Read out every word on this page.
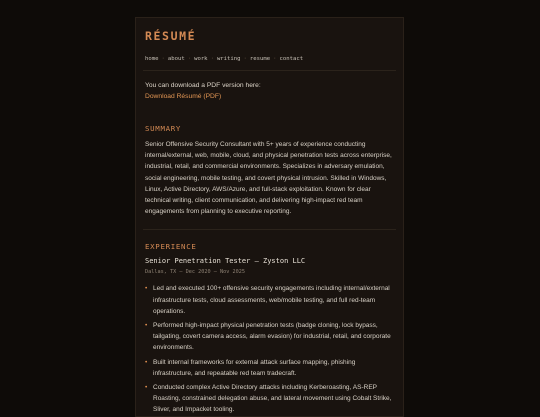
RÉSUMÉ
home · about · work · writing · resume · contact
You can download a PDF version here:
Download Résumé (PDF)
SUMMARY
Senior Offensive Security Consultant with 5+ years of experience conducting internal/external, web, mobile, cloud, and physical penetration tests across enterprise, industrial, retail, and commercial environments. Specializes in adversary emulation, social engineering, mobile testing, and covert physical intrusion. Skilled in Windows, Linux, Active Directory, AWS/Azure, and full-stack exploitation. Known for clear technical writing, client communication, and delivering high-impact red team engagements from planning to executive reporting.
EXPERIENCE
Senior Penetration Tester — Zyston LLC
Dallas, TX — Dec 2020 – Nov 2025
• Led and executed 100+ offensive security engagements including internal/external infrastructure tests, cloud assessments, web/mobile testing, and full red-team operations.
• Performed high-impact physical penetration tests (badge cloning, lock bypass, tailgating, covert camera access, alarm evasion) for industrial, retail, and corporate environments.
• Built internal frameworks for external attack surface mapping, phishing infrastructure, and repeatable red team tradecraft.
• Conducted complex Active Directory attacks including Kerberoasting, AS-REP Roasting, constrained delegation abuse, and lateral movement using Cobalt Strike, Sliver, and Impacket tooling.
